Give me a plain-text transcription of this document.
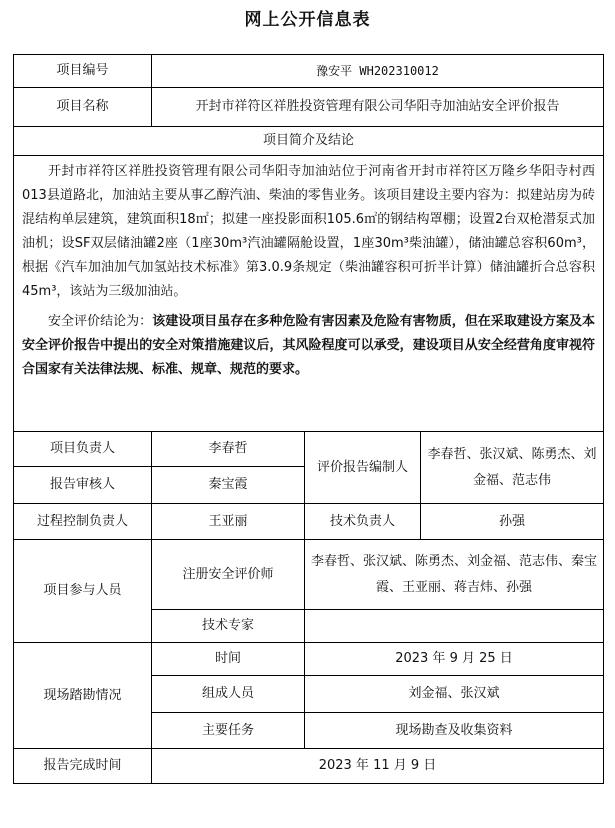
网上公开信息表
项目编号	豫安平 WH202310012		
项目名称	开封市祥符区祥胜投资管理有限公司华阳寺加油站安全评价报告		
项目简介及结论			

开封市祥符区祥胜投资管理有限公司华阳寺加油站位于河南省开封市祥符区万隆乡华阳寺村西013县道路北，加油站主要从事乙醇汽油、柴油的零售业务。该项目建设主要内容为：拟建站房为砖混结构单层建筑，建筑面积18㎡；拟建一座投影面积105.6㎡的钢结构罩棚；设置2台双枪潜泵式加油机；设SF双层储油罐2座（1座30m³汽油罐隔舱设置，1座30m³柴油罐），储油罐总容积60m³，根据《汽车加油加气加氢站技术标准》第3.0.9条规定（柴油罐容积可折半计算）储油罐折合总容积45m³，该站为三级加油站。

安全评价结论为：该建设项目虽存在多种危险有害因素及危险有害物质，但在采取建设方案及本安全评价报告中提出的安全对策措施建议后，其风险程度可以承受，建设项目从安全经营角度审视符合国家有关法律法规、标准、规章、规范的要求。			

项目负责人	李春哲	评价报告编制人	李春哲、张汉斌、陈勇杰、刘金福、范志伟
报告审核人	秦宝霞		
过程控制负责人	王亚丽	技术负责人	孙强
项目参与人员	注册安全评价师	李春哲、张汉斌、陈勇杰、刘金福、范志伟、秦宝霞、王亚丽、蒋吉炜、孙强	
	技术专家		
现场踏勘情况	时间	2023 年 9 月 25 日	
	组成人员	刘金福、张汉斌	
	主要任务	现场勘查及收集资料	
报告完成时间	2023 年 11 月 9 日		
